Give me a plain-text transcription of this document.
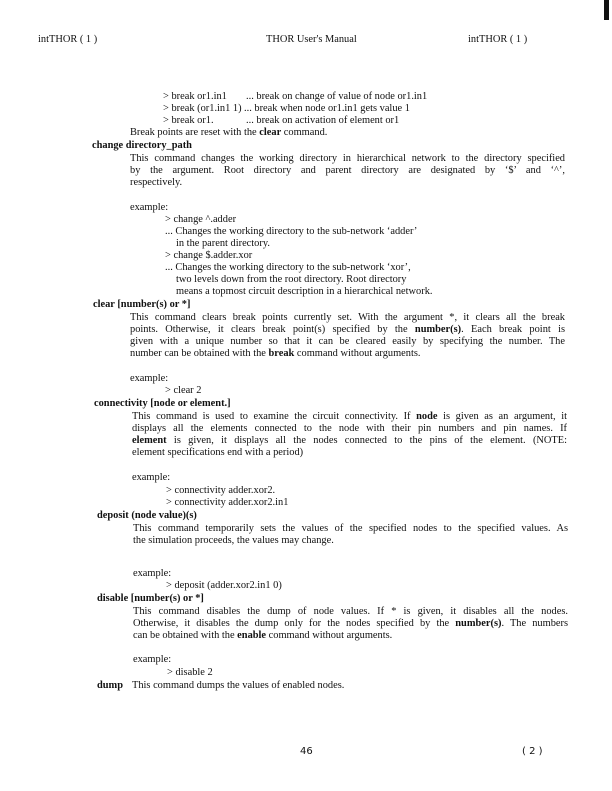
intTHOR ( 1 )	THOR User's Manual	intTHOR ( 1 )
> break or1.in1 ... break on change of value of node or1.in1
> break (or1.in1 1) ... break when node or1.in1 gets value 1
> break or1.	... break on activation of element or1
Break points are reset with the clear command.
change directory_path
This command changes the working directory in hierarchical network to the directory specified
by the argument. Root directory and parent directory are designated by ‘$’ and ‘^’,
respectively.
example:
> change ^.adder
... Changes the working directory to the sub-network ‘adder’
in the parent directory.
> change $.adder.xor
... Changes the working directory to the sub-network ‘xor’,
two levels down from the root directory. Root directory
means a topmost circuit description in a hierarchical network.
clear [number(s) or *]
This command clears break points currently set. With the argument *, it clears all the break
points. Otherwise, it clears break point(s) specified by the number(s). Each break point is
given with a unique number so that it can be cleared easily by specifying the number. The
number can be obtained with the break command without arguments.
example:
> clear 2
connectivity [node or element.]
This command is used to examine the circuit connectivity. If node is given as an argument, it
displays all the elements connected to the node with their pin numbers and pin names. If
element is given, it displays all the nodes connected to the pins of the element. (NOTE:
element specifications end with a period)
example:
> connectivity adder.xor2.
> connectivity adder.xor2.in1
deposit (node value)(s)
This command temporarily sets the values of the specified nodes to the specified values. As
the simulation proceeds, the values may change.
example:
> deposit (adder.xor2.in1 0)
disable [number(s) or *]
This command disables the dump of node values. If * is given, it disables all the nodes.
Otherwise, it disables the dump only for the nodes specified by the number(s). The numbers
can be obtained with the enable command without arguments.
example:
> disable 2
dump This command dumps the values of enabled nodes.
46	( 2 )
